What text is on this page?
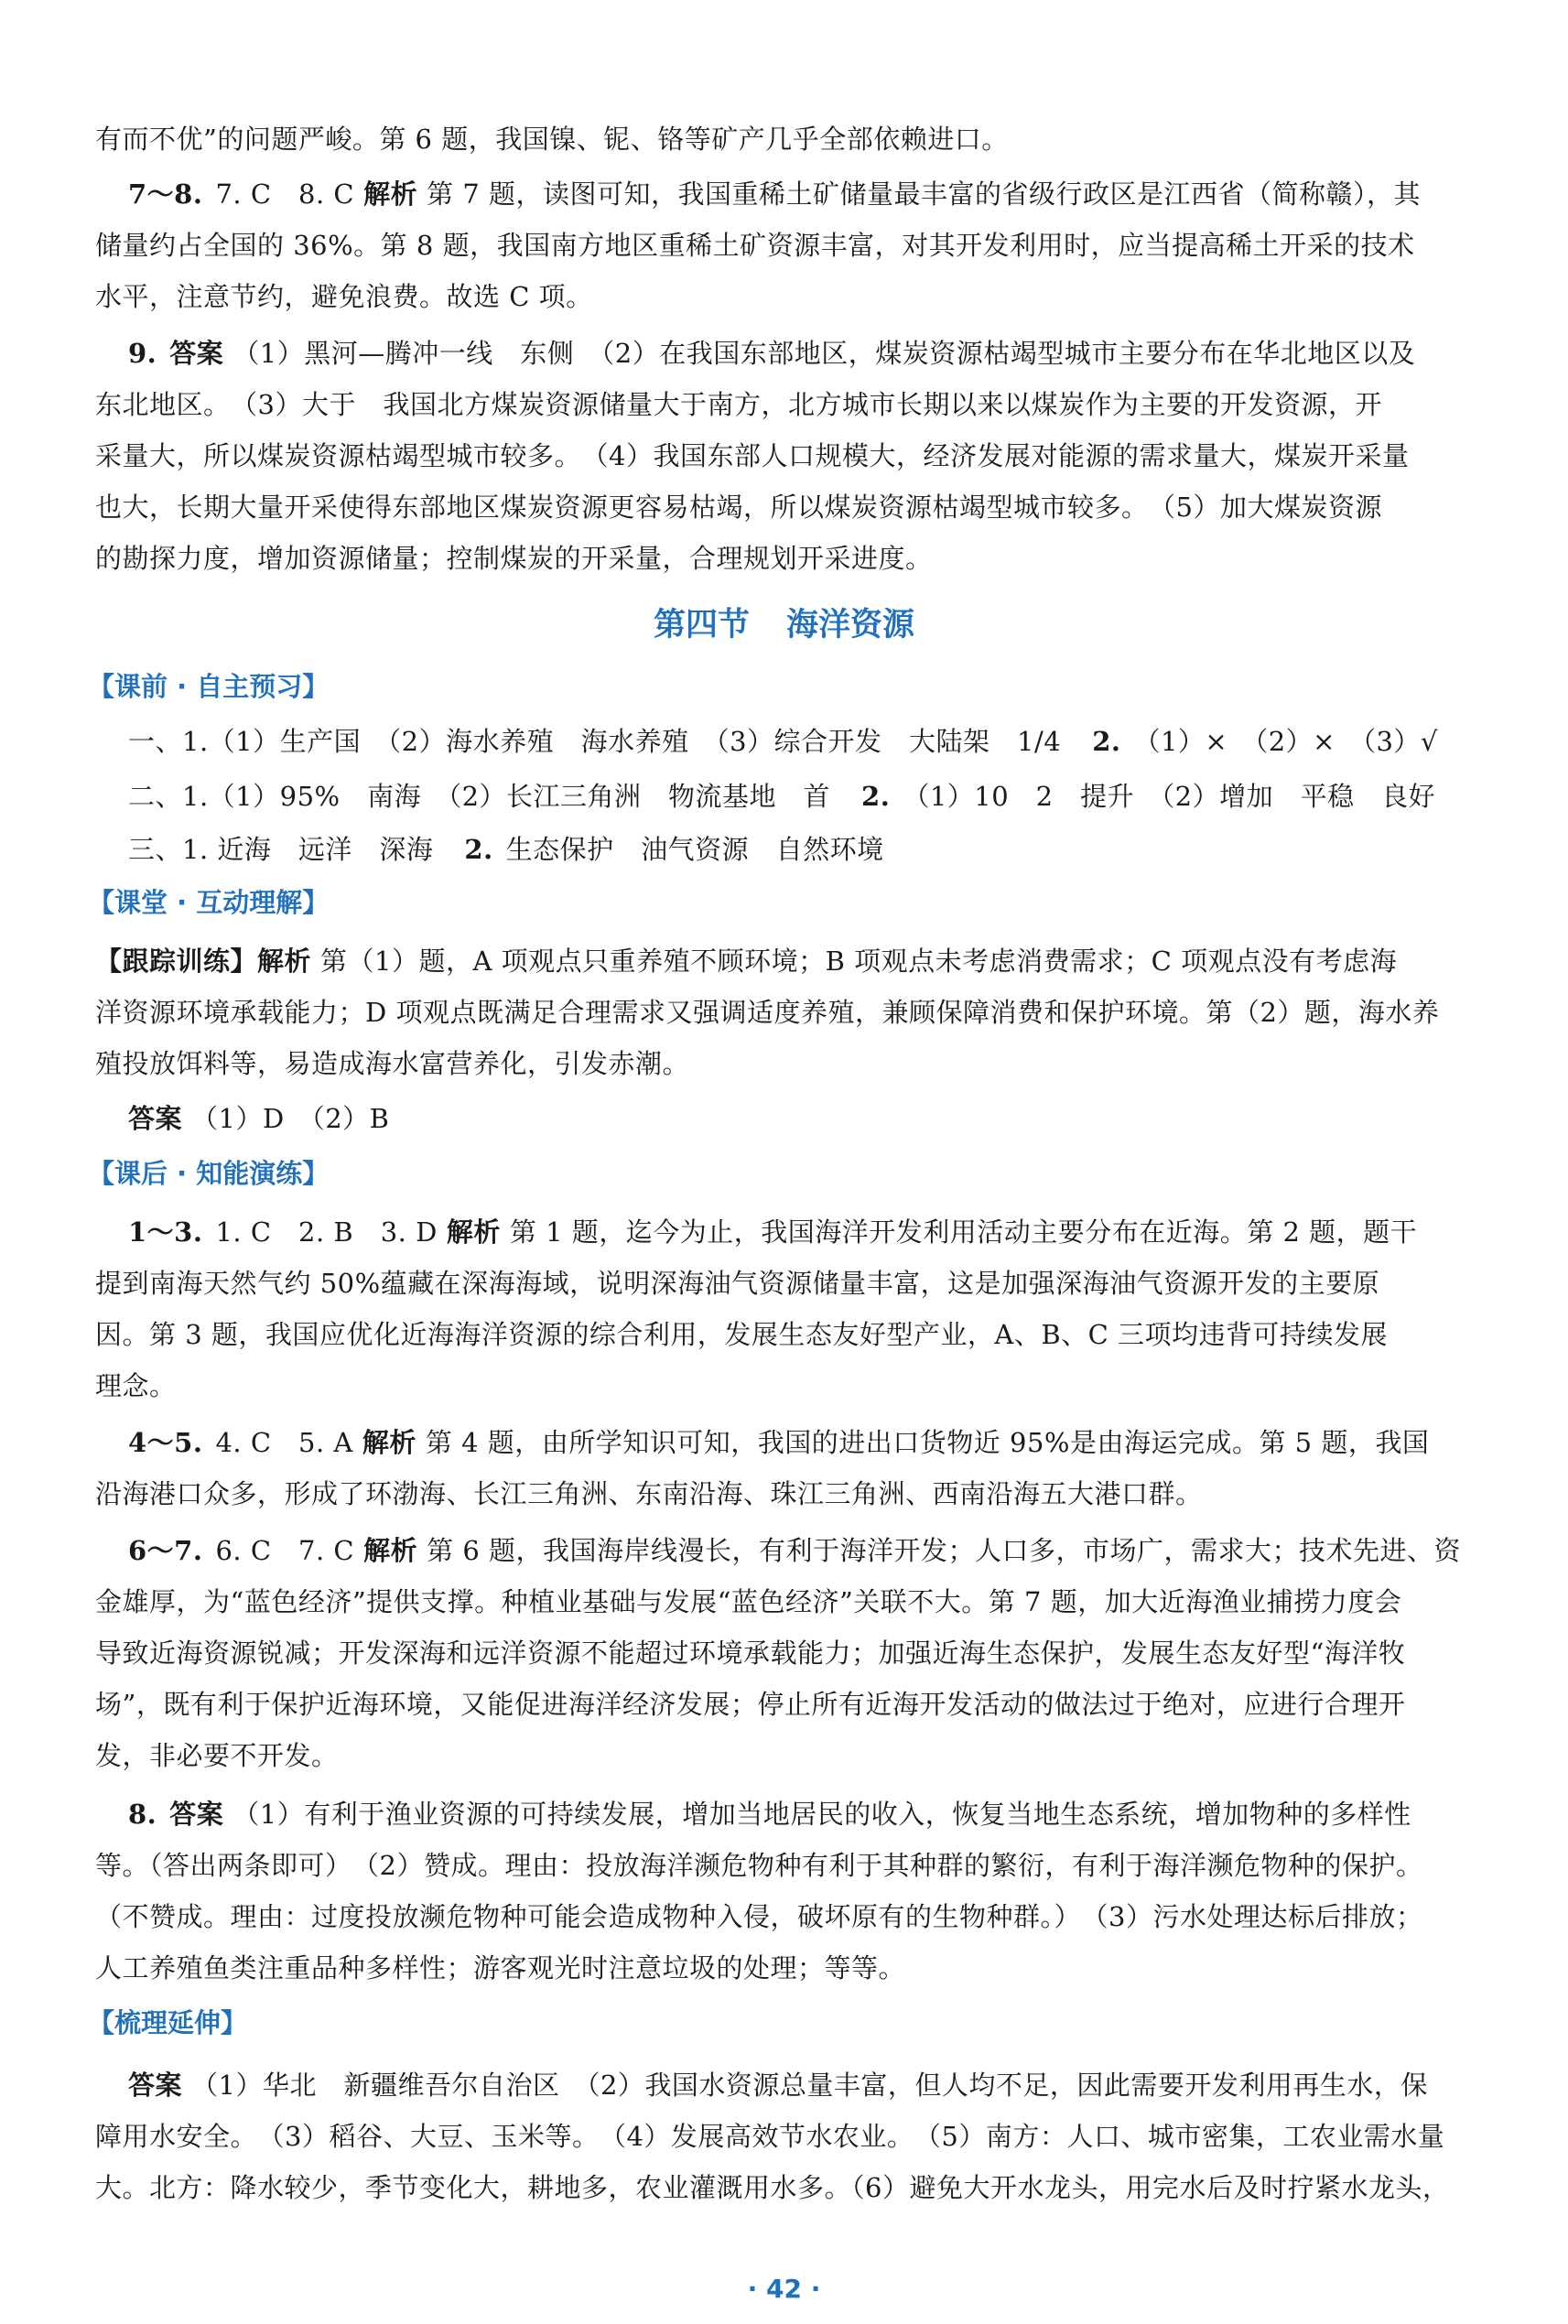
有而不优”的问题严峻。第 6 题，我国镍、铌、铬等矿产几乎全部依赖进口。
7～8. 7. C　8. C 解析 第 7 题，读图可知，我国重稀土矿储量最丰富的省级行政区是江西省（简称赣），其
储量约占全国的 36%。第 8 题，我国南方地区重稀土矿资源丰富，对其开发利用时，应当提高稀土开采的技术
水平，注意节约，避免浪费。故选 C 项。
9. 答案 （1）黑河—腾冲一线　东侧　（2）在我国东部地区，煤炭资源枯竭型城市主要分布在华北地区以及
东北地区。　（3）大于　我国北方煤炭资源储量大于南方，北方城市长期以来以煤炭作为主要的开发资源，开
采量大，所以煤炭资源枯竭型城市较多。　（4）我国东部人口规模大，经济发展对能源的需求量大，煤炭开采量
也大，长期大量开采使得东部地区煤炭资源更容易枯竭，所以煤炭资源枯竭型城市较多。　（5）加大煤炭资源
的勘探力度，增加资源储量；控制煤炭的开采量，合理规划开采进度。
第四节 海洋资源
【课前 · 自主预习】
一、1.（1）生产国　（2）海水养殖　海水养殖　（3）综合开发　大陆架　1/4 2. （1）×　（2）×　（3）√
二、1.（1）95%　南海　（2）长江三角洲　物流基地　首 2. （1）10　2　提升　（2）增加　平稳　良好
三、1. 近海　远洋　深海 2. 生态保护　油气资源　自然环境
【课堂 · 互动理解】
【跟踪训练】解析 第（1）题，A 项观点只重养殖不顾环境；B 项观点未考虑消费需求；C 项观点没有考虑海
洋资源环境承载能力；D 项观点既满足合理需求又强调适度养殖，兼顾保障消费和保护环境。第（2）题，海水养
殖投放饵料等，易造成海水富营养化，引发赤潮。
答案 （1）D　（2）B
【课后 · 知能演练】
1～3. 1. C　2. B　3. D 解析 第 1 题，迄今为止，我国海洋开发利用活动主要分布在近海。第 2 题，题干
提到南海天然气约 50%蕴藏在深海海域，说明深海油气资源储量丰富，这是加强深海油气资源开发的主要原
因。第 3 题，我国应优化近海海洋资源的综合利用，发展生态友好型产业，A、B、C 三项均违背可持续发展
理念。
4～5. 4. C　5. A 解析 第 4 题，由所学知识可知，我国的进出口货物近 95%是由海运完成。第 5 题，我国
沿海港口众多，形成了环渤海、长江三角洲、东南沿海、珠江三角洲、西南沿海五大港口群。
6～7. 6. C　7. C 解析 第 6 题，我国海岸线漫长，有利于海洋开发；人口多，市场广，需求大；技术先进、资
金雄厚，为“蓝色经济”提供支撑。种植业基础与发展“蓝色经济”关联不大。第 7 题，加大近海渔业捕捞力度会
导致近海资源锐减；开发深海和远洋资源不能超过环境承载能力；加强近海生态保护，发展生态友好型“海洋牧
场”，既有利于保护近海环境，又能促进海洋经济发展；停止所有近海开发活动的做法过于绝对，应进行合理开
发，非必要不开发。
8. 答案 （1）有利于渔业资源的可持续发展，增加当地居民的收入，恢复当地生态系统，增加物种的多样性
等。（答出两条即可）　（2）赞成。理由：投放海洋濒危物种有利于其种群的繁衍，有利于海洋濒危物种的保护。
（不赞成。理由：过度投放濒危物种可能会造成物种入侵，破坏原有的生物种群。）　（3）污水处理达标后排放；
人工养殖鱼类注重品种多样性；游客观光时注意垃圾的处理；等等。
【梳理延伸】
答案 （1）华北　新疆维吾尔自治区　（2）我国水资源总量丰富，但人均不足，因此需要开发利用再生水，保
障用水安全。　（3）稻谷、大豆、玉米等。　（4）发展高效节水农业。　（5）南方：人口、城市密集，工农业需水量
大。北方：降水较少，季节变化大，耕地多，农业灌溉用水多。（6）避免大开水龙头，用完水后及时拧紧水龙头，
· 42 ·
